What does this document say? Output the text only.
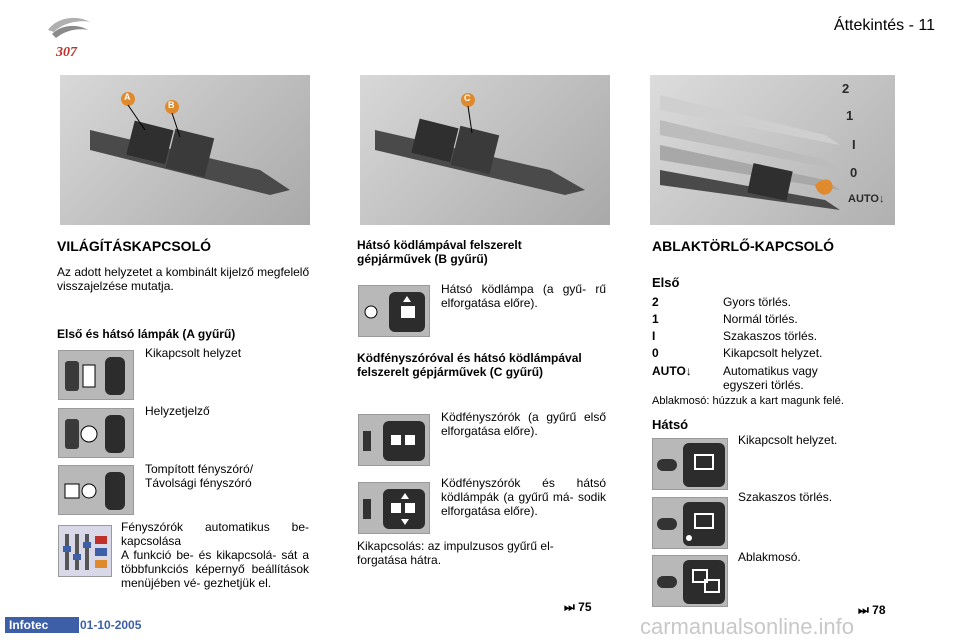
307
Áttekintés - 11
A
B
VILÁGÍTÁSKAPCSOLÓ
Az adott helyzetet a kombinált kijelző megfelelő visszajelzése mutatja.
Első és hátsó lámpák (A gyűrű)
Kikapcsolt helyzet
Helyzetjelző
Tompított fényszóró/
Távolsági fényszóró
Fényszórók automatikus be- kapcsolása
A funkció be- és kikapcsolá- sát a többfunkciós képernyő beállítások menüjében vé- gezhetjük el.
C
Hátsó ködlámpával felszerelt gépjárművek (B gyűrű)
Hátsó ködlámpa (a gyű- rű elforgatása előre).
Ködfényszóróval és hátsó ködlámpával felszerelt gépjárművek (C gyűrű)
Ködfényszórók (a gyűrű első elforgatása előre).
Ködfényszórók és hátsó ködlámpák (a gyűrű má- sodik elforgatása előre).
Kikapcsolás: az impulzusos gyűrű el- forgatása hátra.
⏭ 75
2
1
I
0
AUTO↓
ABLAKTÖRLŐ-KAPCSOLÓ
Első
2	Gyors törlés.
1	Normál törlés.
I	Szakaszos törlés.
0	Kikapcsolt helyzet.
AUTO↓	Automatikus vagy egyszeri törlés.
Ablakmosó: húzzuk a kart magunk felé.
Hátsó
Kikapcsolt helyzet.
Szakaszos törlés.
Ablakmosó.
⏭ 78
Infotec	01-10-2005	carmanualsonline.info
